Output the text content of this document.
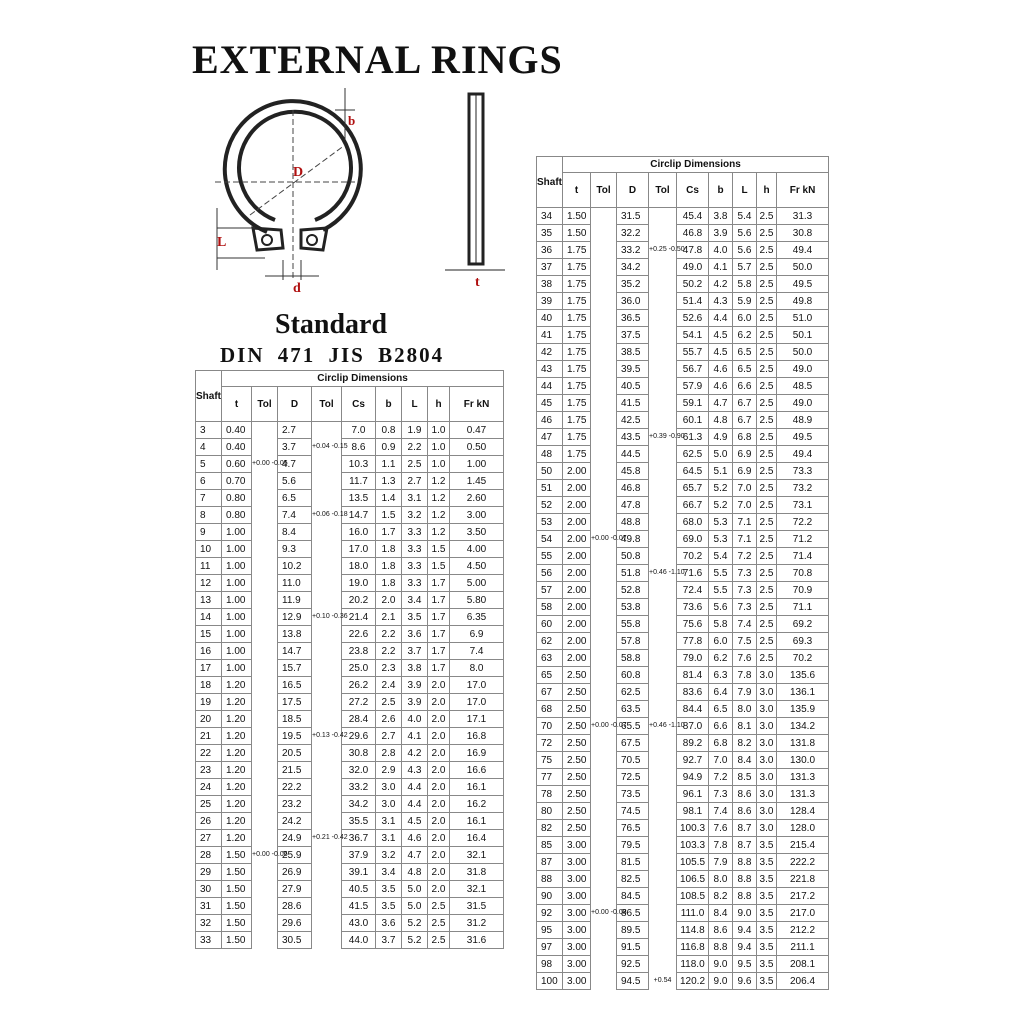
EXTERNAL RINGS
b
D
L
d	t
Standard
DIN 471 JIS B2804
Shaft	Circlip Dimensions								
	t	Tol	D	Tol	Cs	b	L	h	Fr kN
3	0.40		2.7		7.0	0.8	1.9	1.0	0.47
4	0.40		3.7	+0.04 -0.15	8.6	0.9	2.2	1.0	0.50
5	0.60	+0.00 -0.05	4.7		10.3	1.1	2.5	1.0	1.00
6	0.70		5.6		11.7	1.3	2.7	1.2	1.45
7	0.80		6.5		13.5	1.4	3.1	1.2	2.60
8	0.80		7.4	+0.06 -0.18	14.7	1.5	3.2	1.2	3.00
9	1.00		8.4		16.0	1.7	3.3	1.2	3.50
10	1.00		9.3		17.0	1.8	3.3	1.5	4.00
11	1.00		10.2		18.0	1.8	3.3	1.5	4.50
12	1.00		11.0		19.0	1.8	3.3	1.7	5.00
13	1.00		11.9		20.2	2.0	3.4	1.7	5.80
14	1.00		12.9	+0.10 -0.36	21.4	2.1	3.5	1.7	6.35
15	1.00		13.8		22.6	2.2	3.6	1.7	6.9
16	1.00		14.7		23.8	2.2	3.7	1.7	7.4
17	1.00		15.7		25.0	2.3	3.8	1.7	8.0
18	1.20		16.5		26.2	2.4	3.9	2.0	17.0
19	1.20		17.5		27.2	2.5	3.9	2.0	17.0
20	1.20		18.5		28.4	2.6	4.0	2.0	17.1
21	1.20		19.5	+0.13 -0.42	29.6	2.7	4.1	2.0	16.8
22	1.20		20.5		30.8	2.8	4.2	2.0	16.9
23	1.20		21.5		32.0	2.9	4.3	2.0	16.6
24	1.20		22.2		33.2	3.0	4.4	2.0	16.1
25	1.20		23.2		34.2	3.0	4.4	2.0	16.2
26	1.20		24.2		35.5	3.1	4.5	2.0	16.1
27	1.20		24.9	+0.21 -0.42	36.7	3.1	4.6	2.0	16.4
28	1.50	+0.00 -0.06	25.9		37.9	3.2	4.7	2.0	32.1
29	1.50		26.9		39.1	3.4	4.8	2.0	31.8
30	1.50		27.9		40.5	3.5	5.0	2.0	32.1
31	1.50		28.6		41.5	3.5	5.0	2.5	31.5
32	1.50		29.6		43.0	3.6	5.2	2.5	31.2
33	1.50		30.5		44.0	3.7	5.2	2.5	31.6
Shaft	Circlip Dimensions								
	t	Tol	D	Tol	Cs	b	L	h	Fr kN
34	1.50		31.5		45.4	3.8	5.4	2.5	31.3
35	1.50		32.2		46.8	3.9	5.6	2.5	30.8
36	1.75		33.2	+0.25 -0.50	47.8	4.0	5.6	2.5	49.4
37	1.75		34.2		49.0	4.1	5.7	2.5	50.0
38	1.75		35.2		50.2	4.2	5.8	2.5	49.5
39	1.75		36.0		51.4	4.3	5.9	2.5	49.8
40	1.75		36.5		52.6	4.4	6.0	2.5	51.0
41	1.75		37.5		54.1	4.5	6.2	2.5	50.1
42	1.75		38.5		55.7	4.5	6.5	2.5	50.0
43	1.75		39.5		56.7	4.6	6.5	2.5	49.0
44	1.75		40.5		57.9	4.6	6.6	2.5	48.5
45	1.75		41.5		59.1	4.7	6.7	2.5	49.0
46	1.75		42.5		60.1	4.8	6.7	2.5	48.9
47	1.75		43.5	+0.39 -0.90	61.3	4.9	6.8	2.5	49.5
48	1.75		44.5		62.5	5.0	6.9	2.5	49.4
50	2.00		45.8		64.5	5.1	6.9	2.5	73.3
51	2.00		46.8		65.7	5.2	7.0	2.5	73.2
52	2.00		47.8		66.7	5.2	7.0	2.5	73.1
53	2.00		48.8		68.0	5.3	7.1	2.5	72.2
54	2.00	+0.00 -0.07	49.8		69.0	5.3	7.1	2.5	71.2
55	2.00		50.8		70.2	5.4	7.2	2.5	71.4
56	2.00		51.8	+0.46 -1.10	71.6	5.5	7.3	2.5	70.8
57	2.00		52.8		72.4	5.5	7.3	2.5	70.9
58	2.00		53.8		73.6	5.6	7.3	2.5	71.1
60	2.00		55.8		75.6	5.8	7.4	2.5	69.2
62	2.00		57.8		77.8	6.0	7.5	2.5	69.3
63	2.00		58.8		79.0	6.2	7.6	2.5	70.2
65	2.50		60.8		81.4	6.3	7.8	3.0	135.6
67	2.50		62.5		83.6	6.4	7.9	3.0	136.1
68	2.50		63.5		84.4	6.5	8.0	3.0	135.9
70	2.50	+0.00 -0.07	65.5	+0.46 -1.10	87.0	6.6	8.1	3.0	134.2
72	2.50		67.5		89.2	6.8	8.2	3.0	131.8
75	2.50		70.5		92.7	7.0	8.4	3.0	130.0
77	2.50		72.5		94.9	7.2	8.5	3.0	131.3
78	2.50		73.5		96.1	7.3	8.6	3.0	131.3
80	2.50		74.5		98.1	7.4	8.6	3.0	128.4
82	2.50		76.5		100.3	7.6	8.7	3.0	128.0
85	3.00		79.5		103.3	7.8	8.7	3.5	215.4
87	3.00		81.5		105.5	7.9	8.8	3.5	222.2
88	3.00		82.5		106.5	8.0	8.8	3.5	221.8
90	3.00		84.5		108.5	8.2	8.8	3.5	217.2
92	3.00	+0.00 -0.08	86.5		111.0	8.4	9.0	3.5	217.0
95	3.00		89.5		114.8	8.6	9.4	3.5	212.2
97	3.00		91.5		116.8	8.8	9.4	3.5	211.1
98	3.00		92.5		118.0	9.0	9.5	3.5	208.1
100	3.00		94.5	+0.54	120.2	9.0	9.6	3.5	206.4
